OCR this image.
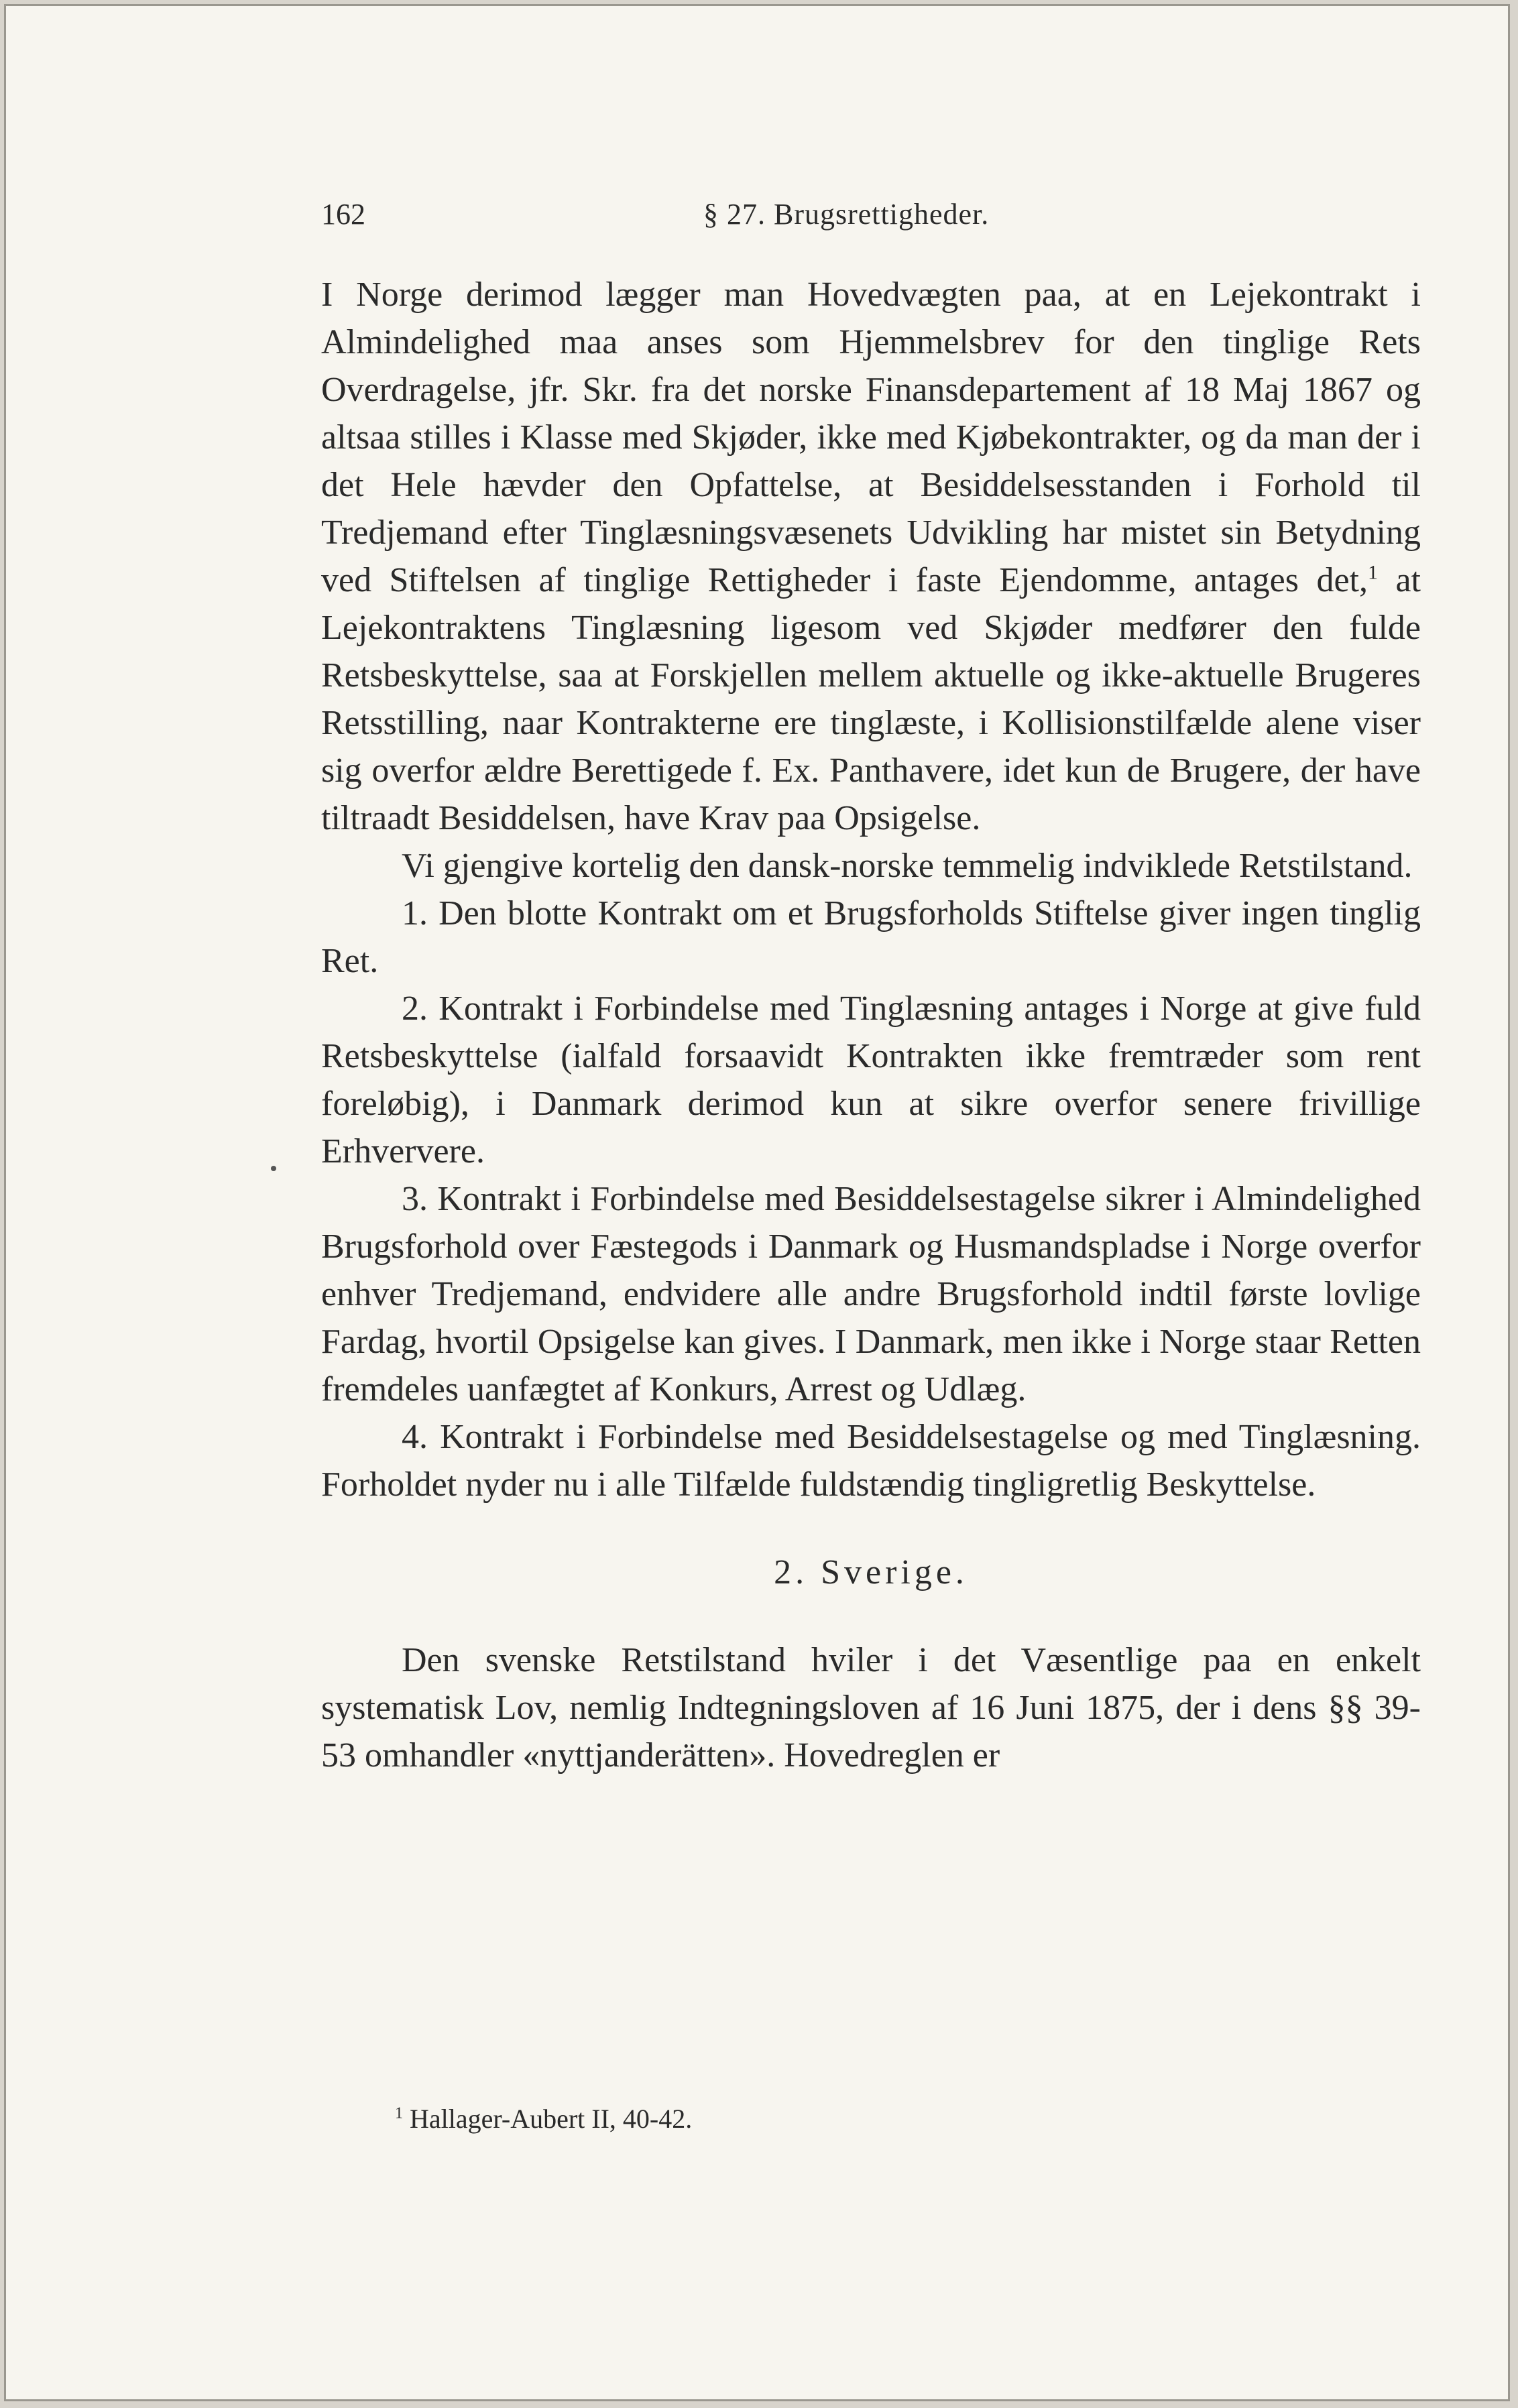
162	§ 27. Brugsrettigheder.

I Norge derimod lægger man Hovedvægten paa, at en Lejekontrakt i Almindelighed maa anses som Hjemmelsbrev for den tinglige Rets Overdragelse, jfr. Skr. fra det norske Finansdepartement af 18 Maj 1867 og altsaa stilles i Klasse med Skjøder, ikke med Kjøbekontrakter, og da man der i det Hele hævder den Opfattelse, at Besiddelsesstanden i Forhold til Tredjemand efter Tinglæsningsvæsenets Udvikling har mistet sin Betydning ved Stiftelsen af tinglige Rettigheder i faste Ejendomme, antages det,$^1$ at Lejekontraktens Tinglæsning ligesom ved Skjøder medfører den fulde Retsbeskyttelse, saa at Forskjellen mellem aktuelle og ikke-aktuelle Brugeres Retsstilling, naar Kontrakterne ere tinglæste, i Kollisionstilfælde alene viser sig overfor ældre Berettigede f. Ex. Panthavere, idet kun de Brugere, der have tiltraadt Besiddelsen, have Krav paa Opsigelse.

Vi gjengive kortelig den dansk-norske temmelig indviklede Retstilstand.

1. Den blotte Kontrakt om et Brugsforholds Stiftelse giver ingen tinglig Ret.

2. Kontrakt i Forbindelse med Tinglæsning antages i Norge at give fuld Retsbeskyttelse (ialfald forsaavidt Kontrakten ikke fremtræder som rent foreløbig), i Danmark derimod kun at sikre overfor senere frivillige Erhververe.

3. Kontrakt i Forbindelse med Besiddelsestagelse sikrer i Almindelighed Brugsforhold over Fæstegods i Danmark og Husmandspladse i Norge overfor enhver Tredjemand, endvidere alle andre Brugsforhold indtil første lovlige Fardag, hvortil Opsigelse kan gives. I Danmark, men ikke i Norge staar Retten fremdeles uanfægtet af Konkurs, Arrest og Udlæg.

4. Kontrakt i Forbindelse med Besiddelsestagelse og med Tinglæsning. Forholdet nyder nu i alle Tilfælde fuldstændig tingligretlig Beskyttelse.

2. Sverige.

Den svenske Retstilstand hviler i det Væsentlige paa en enkelt systematisk Lov, nemlig Indtegningsloven af 16 Juni 1875, der i dens §§ 39-53 omhandler «nyttjanderätten». Hovedreglen er

$^1$ Hallager-Aubert II, 40-42.
